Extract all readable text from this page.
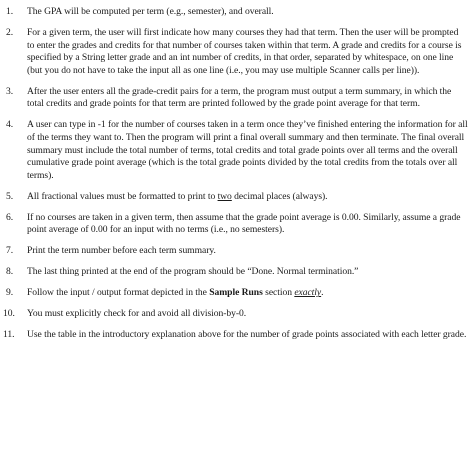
1.	The GPA will be computed per term (e.g., semester), and overall.
2.	For a given term, the user will first indicate how many courses they had that term. Then the user will be prompted to enter the grades and credits for that number of courses taken within that term. A grade and credits for a course is specified by a String letter grade and an int number of credits, in that order, separated by whitespace, on one line (but you do not have to take the input all as one line (i.e., you may use multiple Scanner calls per line)).
3.	After the user enters all the grade-credit pairs for a term, the program must output a term summary, in which the total credits and grade points for that term are printed followed by the grade point average for that term.
4.	A user can type in -1 for the number of courses taken in a term once they’ve finished entering the information for all of the terms they want to. Then the program will print a final overall summary and then terminate. The final overall summary must include the total number of terms, total credits and total grade points over all terms and the overall cumulative grade point average (which is the total grade points divided by the total credits from the totals over all terms).
5.	All fractional values must be formatted to print to two decimal places (always).
6.	If no courses are taken in a given term, then assume that the grade point average is 0.00. Similarly, assume a grade point average of 0.00 for an input with no terms (i.e., no semesters).
7.	Print the term number before each term summary.
8.	The last thing printed at the end of the program should be “Done. Normal termination.”
9.	Follow the input / output format depicted in the Sample Runs section exactly.
10.	You must explicitly check for and avoid all division-by-0.
11.	Use the table in the introductory explanation above for the number of grade points associated with each letter grade.
